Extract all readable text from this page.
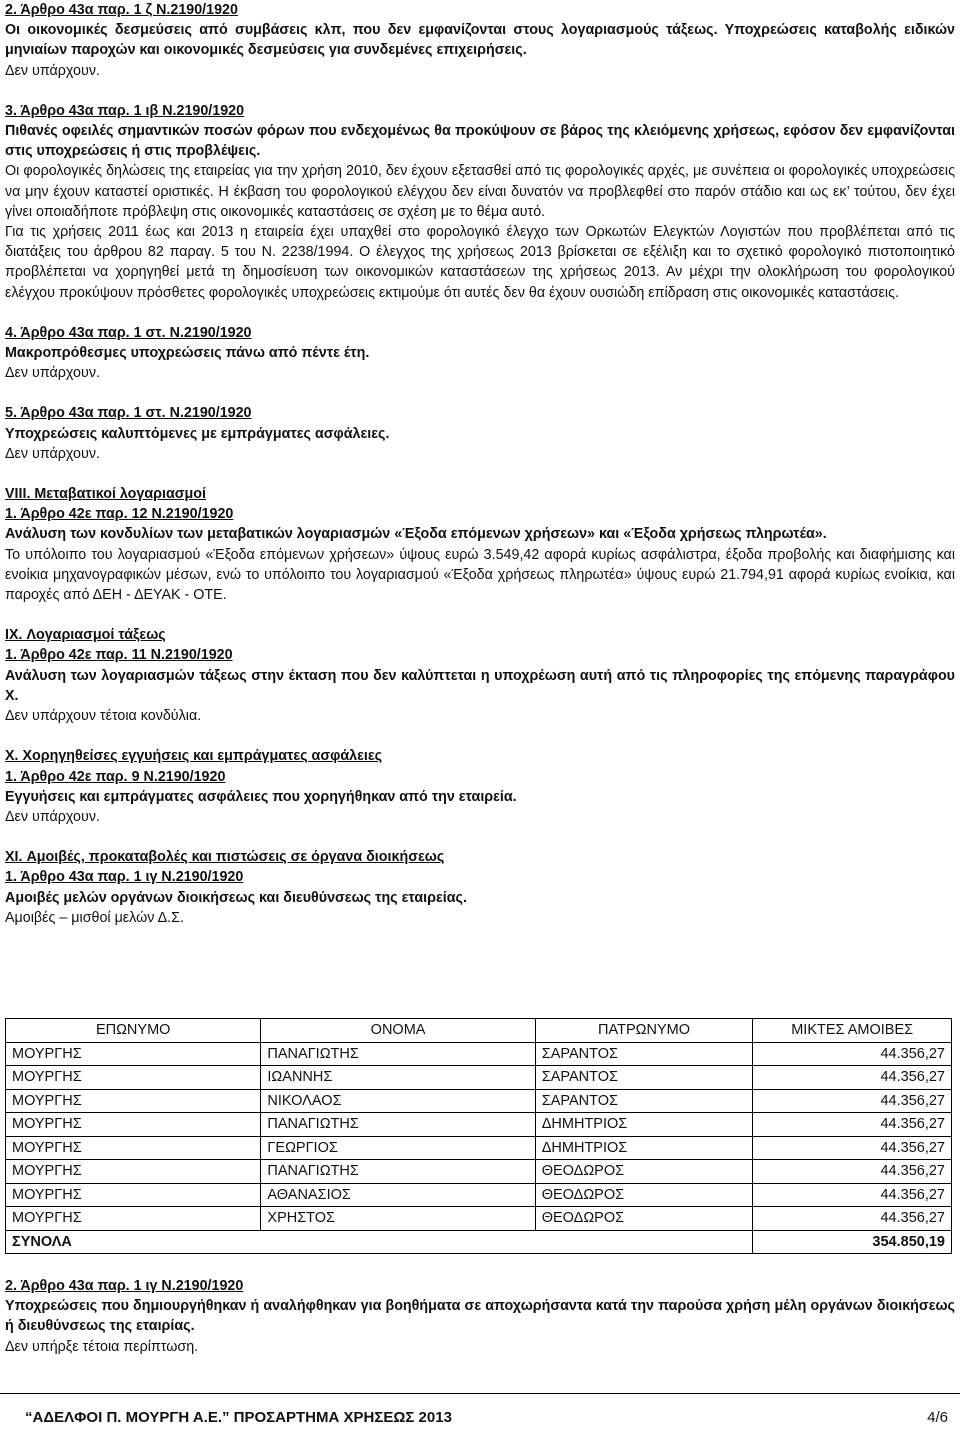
2. Άρθρο 43α παρ. 1 ζ Ν.2190/1920
Οι οικονομικές δεσμεύσεις από συμβάσεις κλπ, που δεν εμφανίζονται στους λογαριασμούς τάξεως. Υποχρεώσεις καταβολής ειδικών μηνιαίων παροχών και οικονομικές δεσμεύσεις για συνδεμένες επιχειρήσεις.
Δεν υπάρχουν.
3. Άρθρο 43α παρ. 1 ιβ Ν.2190/1920
Πιθανές οφειλές σημαντικών ποσών φόρων που ενδεχομένως θα προκύψουν σε βάρος της κλειόμενης χρήσεως, εφόσον δεν εμφανίζονται στις υποχρεώσεις ή στις προβλέψεις.
Οι φορολογικές δηλώσεις της εταιρείας για την χρήση 2010, δεν έχουν εξετασθεί από τις φορολογικές αρχές, με συνέπεια οι φορολογικές υποχρεώσεις να μην έχουν καταστεί οριστικές. Η έκβαση του φορολογικού ελέγχου δεν είναι δυνατόν να προβλεφθεί στο παρόν στάδιο και ως εκ’ τούτου, δεν έχει γίνει οποιαδήποτε πρόβλεψη στις οικονομικές καταστάσεις σε σχέση με το θέμα αυτό.
Για τις χρήσεις 2011 έως και 2013 η εταιρεία έχει υπαχθεί στο φορολογικό έλεγχο των Ορκωτών Ελεγκτών Λογιστών που προβλέπεται από τις διατάξεις του άρθρου 82 παραγ. 5 του Ν. 2238/1994. Ο έλεγχος της χρήσεως 2013 βρίσκεται σε εξέλιξη και το σχετικό φορολογικό πιστοποιητικό προβλέπεται να χορηγηθεί μετά τη δημοσίευση των οικονομικών καταστάσεων της χρήσεως 2013. Αν μέχρι την ολοκλήρωση του φορολογικού ελέγχου προκύψουν πρόσθετες φορολογικές υποχρεώσεις εκτιμούμε ότι αυτές δεν θα έχουν ουσιώδη επίδραση στις οικονομικές καταστάσεις.
4. Άρθρο 43α παρ. 1 στ. Ν.2190/1920
Μακροπρόθεσμες υποχρεώσεις πάνω από πέντε έτη.
Δεν υπάρχουν.
5. Άρθρο 43α παρ. 1 στ. Ν.2190/1920
Υποχρεώσεις καλυπτόμενες με εμπράγματες ασφάλειες.
Δεν υπάρχουν.
VIII. Μεταβατικοί λογαριασμοί
1. Άρθρο 42ε παρ. 12 Ν.2190/1920
Ανάλυση των κονδυλίων των μεταβατικών λογαριασμών «Έξοδα επόμενων χρήσεων» και «Έξοδα χρήσεως πληρωτέα».
Το υπόλοιπο του λογαριασμού «Έξοδα επόμενων χρήσεων» ύψους ευρώ 3.549,42 αφορά κυρίως ασφάλιστρα, έξοδα προβολής και διαφήμισης και ενοίκια μηχανογραφικών μέσων, ενώ το υπόλοιπο του λογαριασμού «Έξοδα χρήσεως πληρωτέα» ύψους ευρώ 21.794,91 αφορά κυρίως ενοίκια, και παροχές από ΔΕΗ - ΔΕΥΑΚ - ΟΤΕ.
IX. Λογαριασμοί τάξεως
1. Άρθρο 42ε παρ. 11 Ν.2190/1920
Ανάλυση των λογαριασμών τάξεως στην έκταση που δεν καλύπτεται η υποχρέωση αυτή από τις πληροφορίες της επόμενης παραγράφου Χ.
Δεν υπάρχουν τέτοια κονδύλια.
X. Χορηγηθείσες εγγυήσεις και εμπράγματες ασφάλειες
1. Άρθρο 42ε παρ. 9 Ν.2190/1920
Εγγυήσεις και εμπράγματες ασφάλειες που χορηγήθηκαν από την εταιρεία.
Δεν υπάρχουν.
XI. Αμοιβές, προκαταβολές και πιστώσεις σε όργανα διοικήσεως
1. Άρθρο 43α παρ. 1 ιγ Ν.2190/1920
Αμοιβές μελών οργάνων διοικήσεως και διευθύνσεως της εταιρείας.
Αμοιβές – μισθοί μελών Δ.Σ.
ΕΠΩΝΥΜΟ	ΟΝΟΜΑ	ΠΑΤΡΩΝΥΜΟ	ΜΙΚΤΕΣ ΑΜΟΙΒΕΣ
ΜΟΥΡΓΗΣ	ΠΑΝΑΓΙΩΤΗΣ	ΣΑΡΑΝΤΟΣ	44.356,27
ΜΟΥΡΓΗΣ	ΙΩΑΝΝΗΣ	ΣΑΡΑΝΤΟΣ	44.356,27
ΜΟΥΡΓΗΣ	ΝΙΚΟΛΑΟΣ	ΣΑΡΑΝΤΟΣ	44.356,27
ΜΟΥΡΓΗΣ	ΠΑΝΑΓΙΩΤΗΣ	ΔΗΜΗΤΡΙΟΣ	44.356,27
ΜΟΥΡΓΗΣ	ΓΕΩΡΓΙΟΣ	ΔΗΜΗΤΡΙΟΣ	44.356,27
ΜΟΥΡΓΗΣ	ΠΑΝΑΓΙΩΤΗΣ	ΘΕΟΔΩΡΟΣ	44.356,27
ΜΟΥΡΓΗΣ	ΑΘΑΝΑΣΙΟΣ	ΘΕΟΔΩΡΟΣ	44.356,27
ΜΟΥΡΓΗΣ	ΧΡΗΣΤΟΣ	ΘΕΟΔΩΡΟΣ	44.356,27
ΣΥΝΟΛΑ			354.850,19
2. Άρθρο 43α παρ. 1 ιγ Ν.2190/1920
Υποχρεώσεις που δημιουργήθηκαν ή αναλήφθηκαν για βοηθήματα σε αποχωρήσαντα κατά την παρούσα χρήση μέλη οργάνων διοικήσεως ή διευθύνσεως της εταιρίας.
Δεν υπήρξε τέτοια περίπτωση.
“ΑΔΕΛΦΟΙ Π. ΜΟΥΡΓΗ Α.Ε.” ΠΡΟΣΑΡΤΗΜΑ ΧΡΗΣΕΩΣ 2013	4/6
